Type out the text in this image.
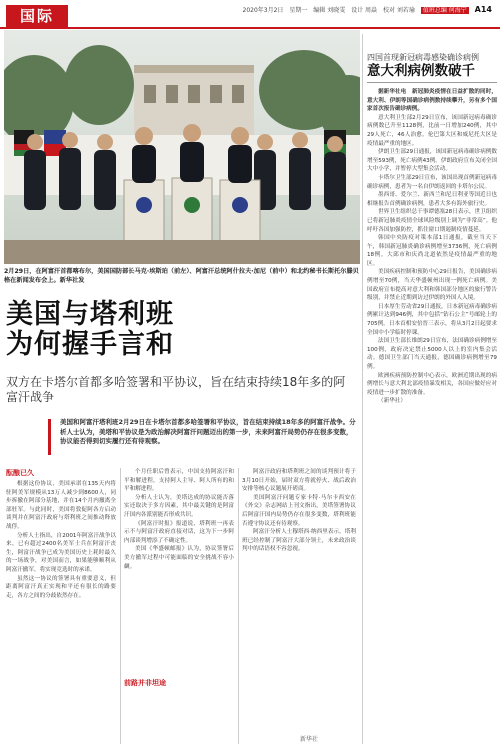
国际	2020年3月2日 星期一 编辑 刘晓雯 设计 周焱 校对 刘若瑜 值班总编 何海宁 A14
2月29日，在阿富汗首都喀布尔，美国国防部长马克·埃斯珀（前左）、阿富汗总统阿什拉夫·加尼（前中）和北约秘书长斯托尔滕贝格在新闻发布会上。新华社发
美国与塔利班
为何握手言和
双方在卡塔尔首都多哈签署和平协议，旨在结束持续18年多的阿富汗战争
美国和阿富汗塔利班2月29日在卡塔尔首都多哈签署和平协议，旨在结束持续18年多的阿富汗战争。分析人士认为，美塔和平协议是为政治解决阿富汗问题迈出的第一步，未来阿富汗局势仍存在很多变数，协议能否得到切实履行还有待观察。
酝酿已久

根据这份协议，美国承诺在135天内将驻阿美军规模从13万人减少到8600人，同步拆撤在阿部分基地，并在14个月内撤离全部驻军。与此同时，美国将敦促阿各方启动谈判并在阿富汗政府与塔利班之间推动释放战俘。

分析人士指出，自2001年阿富汗战争以来，已有超过2400名美军士兵在阿富汗丧生，阿富汗战争已成为美国历史上耗时最久的一场战争，对美国而言，如果能够顺利从阿富汗撤军，将实现竞选时的承诺。

虽然这一协议的签署具有重要意义，但距离阿富汗真正实现和平还有很长的路要走，各方之间的分歧依然存在。

个月任职后曾表示，中国支持阿富汗和平和解进程，支持阿人主导、阿人所有的和平和解进程。

分析人士认为，美塔达成的协议能否落实还取决于多方因素，其中最关键的是阿富汗国内各派别能否形成共识。

《阿富汗时报》报道说，塔利班一再表示不与阿富汗政府直接对话，这为下一步阿内部谈判增添了不确定性。

美国《华盛顿邮报》认为，协议签署后美方撤军过程中可能面临的安全挑战不容小觑。

前路并非坦途

阿富汗政府和塔利班之间的谈判预计将于3月10日开始，届时双方将就停火、战后政治安排等核心议题展开磋商。

美国阿富汗问题专家卡特·马尔卡西安在《外交》杂志网站上刊文指出，美塔签署协议后阿富汗国内局势仍存在很多变数，塔利班能否遵守协议还有待观察。

阿富汗分析人士穆塔西·纳西里表示，塔利班已经控制了阿富汗大部分领土，未来政治谈判中的话语权不容忽视。

新华社
四国首现新冠病毒感染确诊病例
意大利病例数破千

据新华社电　新冠肺炎疫情在日益扩散的同时，意大利、伊朗等国确诊病例数持续攀升，另有多个国家首次报告确诊病例。

意大利卫生部2月29日宣布，该国新冠病毒确诊病例数已升至1128例，比前一日增加240例，其中29人死亡，46人治愈。伦巴第大区和威尼托大区是疫情最严重的地区。

伊朗卫生部29日通报，该国新冠病毒确诊病例数增至593例，死亡病例43例。伊朗政府宣布关闭全国大中小学，并暂停大型集会活动。

卡塔尔卫生部29日宣布，该国出现首例新冠病毒确诊病例，患者为一名自伊朗返回的卡塔尔公民。

墨西哥、爱尔兰、新西兰和尼日利亚等国近日也相继报告首例确诊病例，患者大多有海外旅行史。

世界卫生组织总干事谭德塞28日表示，世卫组织已将新冠肺炎疫情全球风险级别上调为“非常高”。他呼吁各国加强防控，抓住窗口期遏制疫情蔓延。

韩国中央防疫对策本部1日通报，截至当天下午，韩国新冠肺炎确诊病例增至3736例，死亡病例18例。大邱市和庆尚北道依然是疫情最严重的地区。

美国疾病控制和预防中心29日报告，美国确诊病例增至70例，当天华盛顿州出现一例死亡病例。美国政府宣布提高对意大利和韩国部分地区的旅行警告级别，并禁止近期到访过伊朗的外国人入境。

日本厚生劳动省29日通报，日本新冠病毒确诊病例累计达到946例，其中包括“钻石公主”号邮轮上的705例。日本首相安倍晋三表示，将从3月2日起要求全国中小学临时停课。

法国卫生部长维朗29日宣布，法国确诊病例增至100例，政府决定禁止5000人以上的室内集会活动。德国卫生部门当天通报，德国确诊病例增至79例。

欧洲疾病预防控制中心表示，欧洲近期出现的病例增长与意大利北部疫情暴发相关，各国应做好应对疫情进一步扩散的准备。

（新华社）
